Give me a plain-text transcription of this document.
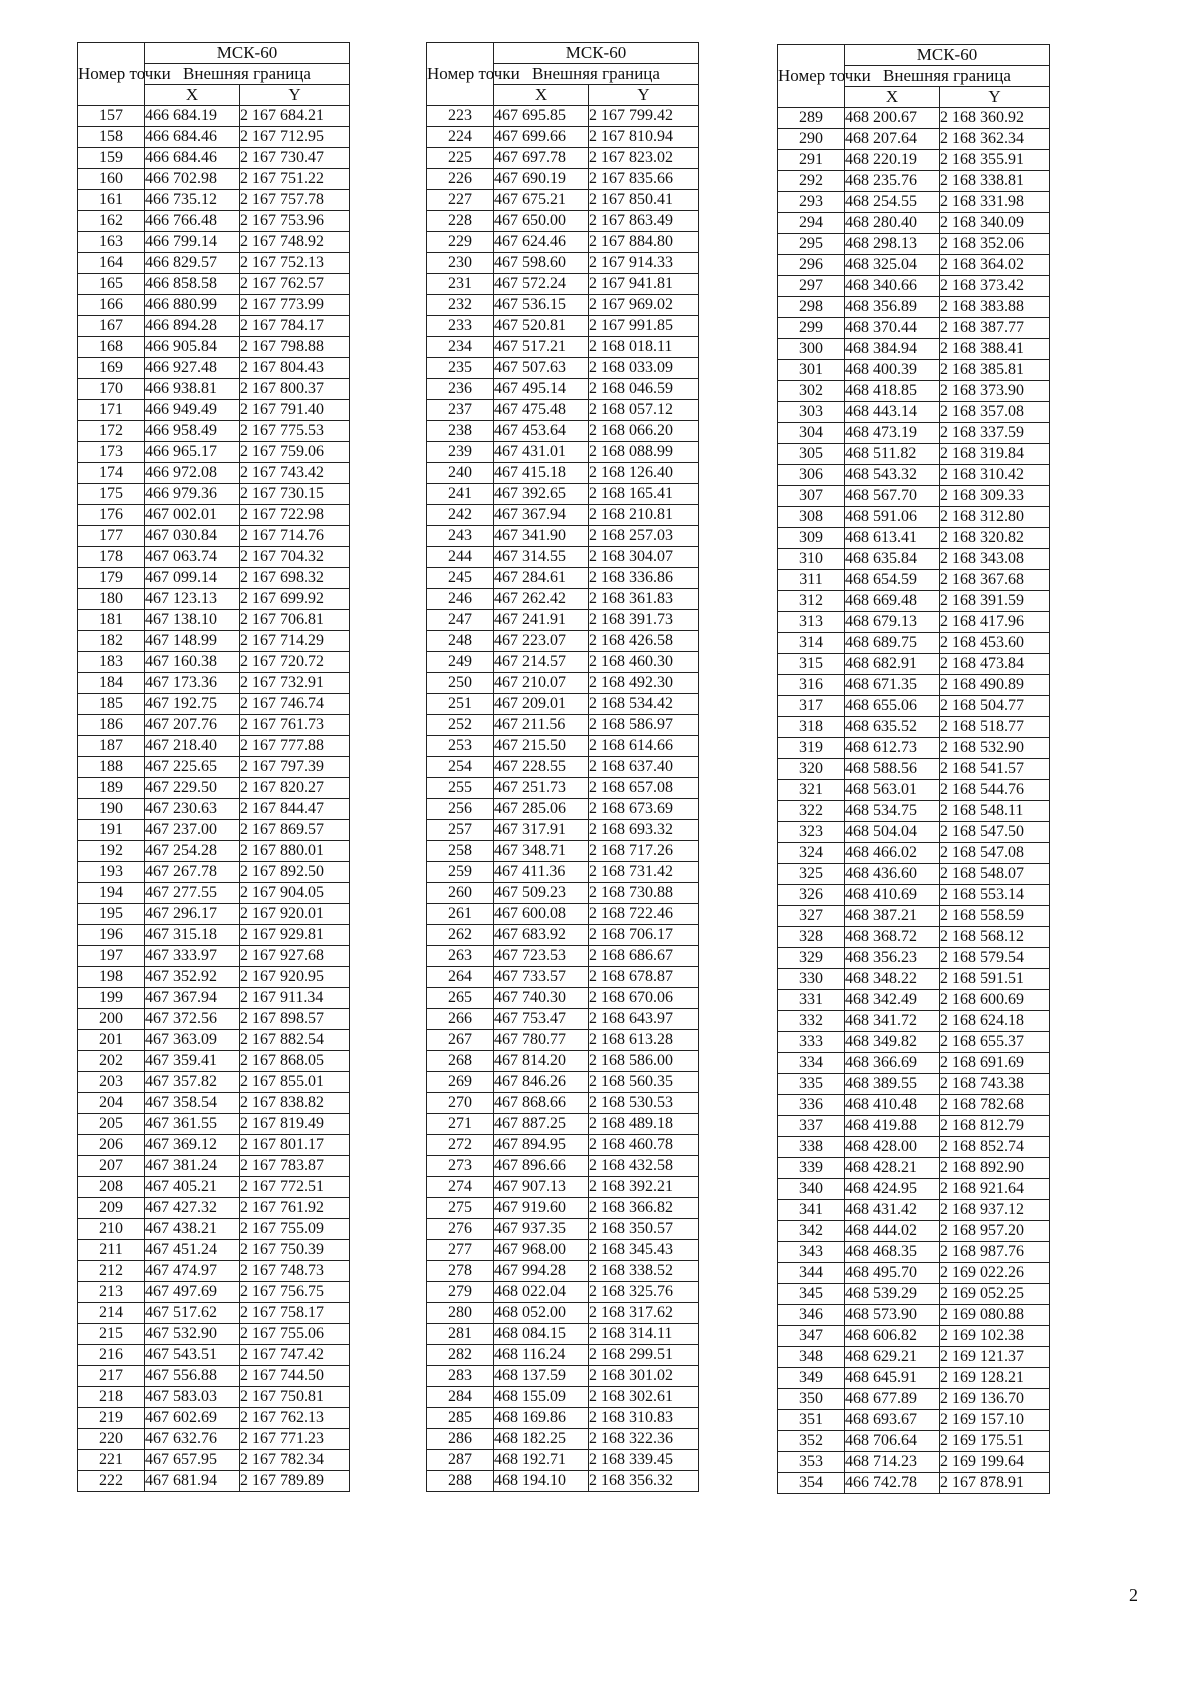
Номер точки	МСК-60	
	Внешняя граница	
	X	Y
157	466 684.19	2 167 684.21
158	466 684.46	2 167 712.95
159	466 684.46	2 167 730.47
160	466 702.98	2 167 751.22
161	466 735.12	2 167 757.78
162	466 766.48	2 167 753.96
163	466 799.14	2 167 748.92
164	466 829.57	2 167 752.13
165	466 858.58	2 167 762.57
166	466 880.99	2 167 773.99
167	466 894.28	2 167 784.17
168	466 905.84	2 167 798.88
169	466 927.48	2 167 804.43
170	466 938.81	2 167 800.37
171	466 949.49	2 167 791.40
172	466 958.49	2 167 775.53
173	466 965.17	2 167 759.06
174	466 972.08	2 167 743.42
175	466 979.36	2 167 730.15
176	467 002.01	2 167 722.98
177	467 030.84	2 167 714.76
178	467 063.74	2 167 704.32
179	467 099.14	2 167 698.32
180	467 123.13	2 167 699.92
181	467 138.10	2 167 706.81
182	467 148.99	2 167 714.29
183	467 160.38	2 167 720.72
184	467 173.36	2 167 732.91
185	467 192.75	2 167 746.74
186	467 207.76	2 167 761.73
187	467 218.40	2 167 777.88
188	467 225.65	2 167 797.39
189	467 229.50	2 167 820.27
190	467 230.63	2 167 844.47
191	467 237.00	2 167 869.57
192	467 254.28	2 167 880.01
193	467 267.78	2 167 892.50
194	467 277.55	2 167 904.05
195	467 296.17	2 167 920.01
196	467 315.18	2 167 929.81
197	467 333.97	2 167 927.68
198	467 352.92	2 167 920.95
199	467 367.94	2 167 911.34
200	467 372.56	2 167 898.57
201	467 363.09	2 167 882.54
202	467 359.41	2 167 868.05
203	467 357.82	2 167 855.01
204	467 358.54	2 167 838.82
205	467 361.55	2 167 819.49
206	467 369.12	2 167 801.17
207	467 381.24	2 167 783.87
208	467 405.21	2 167 772.51
209	467 427.32	2 167 761.92
210	467 438.21	2 167 755.09
211	467 451.24	2 167 750.39
212	467 474.97	2 167 748.73
213	467 497.69	2 167 756.75
214	467 517.62	2 167 758.17
215	467 532.90	2 167 755.06
216	467 543.51	2 167 747.42
217	467 556.88	2 167 744.50
218	467 583.03	2 167 750.81
219	467 602.69	2 167 762.13
220	467 632.76	2 167 771.23
221	467 657.95	2 167 782.34
222	467 681.94	2 167 789.89
Номер точки	МСК-60	
	Внешняя граница	
	X	Y
223	467 695.85	2 167 799.42
224	467 699.66	2 167 810.94
225	467 697.78	2 167 823.02
226	467 690.19	2 167 835.66
227	467 675.21	2 167 850.41
228	467 650.00	2 167 863.49
229	467 624.46	2 167 884.80
230	467 598.60	2 167 914.33
231	467 572.24	2 167 941.81
232	467 536.15	2 167 969.02
233	467 520.81	2 167 991.85
234	467 517.21	2 168 018.11
235	467 507.63	2 168 033.09
236	467 495.14	2 168 046.59
237	467 475.48	2 168 057.12
238	467 453.64	2 168 066.20
239	467 431.01	2 168 088.99
240	467 415.18	2 168 126.40
241	467 392.65	2 168 165.41
242	467 367.94	2 168 210.81
243	467 341.90	2 168 257.03
244	467 314.55	2 168 304.07
245	467 284.61	2 168 336.86
246	467 262.42	2 168 361.83
247	467 241.91	2 168 391.73
248	467 223.07	2 168 426.58
249	467 214.57	2 168 460.30
250	467 210.07	2 168 492.30
251	467 209.01	2 168 534.42
252	467 211.56	2 168 586.97
253	467 215.50	2 168 614.66
254	467 228.55	2 168 637.40
255	467 251.73	2 168 657.08
256	467 285.06	2 168 673.69
257	467 317.91	2 168 693.32
258	467 348.71	2 168 717.26
259	467 411.36	2 168 731.42
260	467 509.23	2 168 730.88
261	467 600.08	2 168 722.46
262	467 683.92	2 168 706.17
263	467 723.53	2 168 686.67
264	467 733.57	2 168 678.87
265	467 740.30	2 168 670.06
266	467 753.47	2 168 643.97
267	467 780.77	2 168 613.28
268	467 814.20	2 168 586.00
269	467 846.26	2 168 560.35
270	467 868.66	2 168 530.53
271	467 887.25	2 168 489.18
272	467 894.95	2 168 460.78
273	467 896.66	2 168 432.58
274	467 907.13	2 168 392.21
275	467 919.60	2 168 366.82
276	467 937.35	2 168 350.57
277	467 968.00	2 168 345.43
278	467 994.28	2 168 338.52
279	468 022.04	2 168 325.76
280	468 052.00	2 168 317.62
281	468 084.15	2 168 314.11
282	468 116.24	2 168 299.51
283	468 137.59	2 168 301.02
284	468 155.09	2 168 302.61
285	468 169.86	2 168 310.83
286	468 182.25	2 168 322.36
287	468 192.71	2 168 339.45
288	468 194.10	2 168 356.32
Номер точки	МСК-60	
	Внешняя граница	
	X	Y
289	468 200.67	2 168 360.92
290	468 207.64	2 168 362.34
291	468 220.19	2 168 355.91
292	468 235.76	2 168 338.81
293	468 254.55	2 168 331.98
294	468 280.40	2 168 340.09
295	468 298.13	2 168 352.06
296	468 325.04	2 168 364.02
297	468 340.66	2 168 373.42
298	468 356.89	2 168 383.88
299	468 370.44	2 168 387.77
300	468 384.94	2 168 388.41
301	468 400.39	2 168 385.81
302	468 418.85	2 168 373.90
303	468 443.14	2 168 357.08
304	468 473.19	2 168 337.59
305	468 511.82	2 168 319.84
306	468 543.32	2 168 310.42
307	468 567.70	2 168 309.33
308	468 591.06	2 168 312.80
309	468 613.41	2 168 320.82
310	468 635.84	2 168 343.08
311	468 654.59	2 168 367.68
312	468 669.48	2 168 391.59
313	468 679.13	2 168 417.96
314	468 689.75	2 168 453.60
315	468 682.91	2 168 473.84
316	468 671.35	2 168 490.89
317	468 655.06	2 168 504.77
318	468 635.52	2 168 518.77
319	468 612.73	2 168 532.90
320	468 588.56	2 168 541.57
321	468 563.01	2 168 544.76
322	468 534.75	2 168 548.11
323	468 504.04	2 168 547.50
324	468 466.02	2 168 547.08
325	468 436.60	2 168 548.07
326	468 410.69	2 168 553.14
327	468 387.21	2 168 558.59
328	468 368.72	2 168 568.12
329	468 356.23	2 168 579.54
330	468 348.22	2 168 591.51
331	468 342.49	2 168 600.69
332	468 341.72	2 168 624.18
333	468 349.82	2 168 655.37
334	468 366.69	2 168 691.69
335	468 389.55	2 168 743.38
336	468 410.48	2 168 782.68
337	468 419.88	2 168 812.79
338	468 428.00	2 168 852.74
339	468 428.21	2 168 892.90
340	468 424.95	2 168 921.64
341	468 431.42	2 168 937.12
342	468 444.02	2 168 957.20
343	468 468.35	2 168 987.76
344	468 495.70	2 169 022.26
345	468 539.29	2 169 052.25
346	468 573.90	2 169 080.88
347	468 606.82	2 169 102.38
348	468 629.21	2 169 121.37
349	468 645.91	2 169 128.21
350	468 677.89	2 169 136.70
351	468 693.67	2 169 157.10
352	468 706.64	2 169 175.51
353	468 714.23	2 169 199.64
354	466 742.78	2 167 878.91
2
